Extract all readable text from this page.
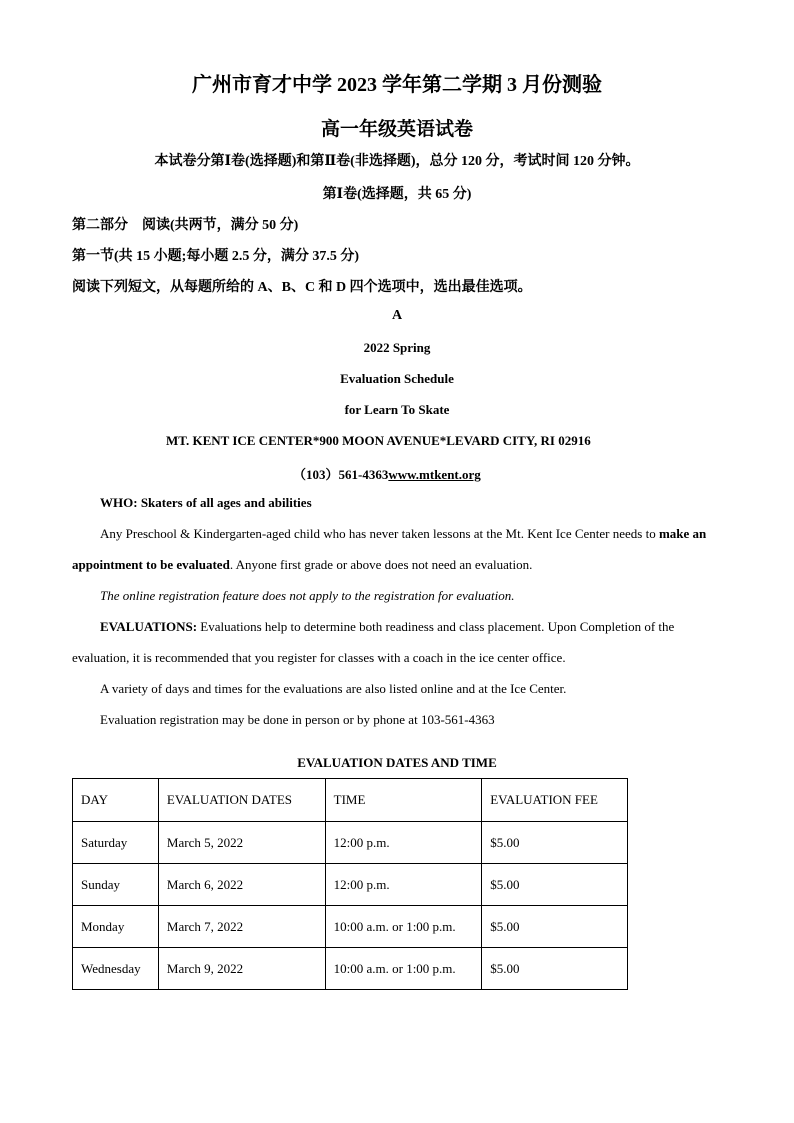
广州市育才中学 2023 学年第二学期 3 月份测验
高一年级英语试卷
本试卷分第Ⅰ卷(选择题)和第Ⅱ卷(非选择题)，总分 120 分，考试时间 120 分钟。
第Ⅰ卷(选择题，共 65 分)
第二部分　阅读(共两节，满分 50 分)
第一节(共 15 小题;每小题 2.5 分，满分 37.5 分)
阅读下列短文，从每题所给的 A、B、C 和 D 四个选项中，选出最佳选项。
A
2022 Spring
Evaluation Schedule
for Learn To Skate
MT. KENT ICE CENTER*900 MOON AVENUE*LEVARD CITY, RI 02916
（103）561-4363www.mtkent.org
WHO: Skaters of all ages and abilities
Any Preschool & Kindergarten-aged child who has never taken lessons at the Mt. Kent Ice Center needs to make an appointment to be evaluated. Anyone first grade or above does not need an evaluation.
The online registration feature does not apply to the registration for evaluation.
EVALUATIONS: Evaluations help to determine both readiness and class placement. Upon Completion of the evaluation, it is recommended that you register for classes with a coach in the ice center office.
A variety of days and times for the evaluations are also listed online and at the Ice Center.
Evaluation registration may be done in person or by phone at 103-561-4363
EVALUATION DATES AND TIME
DAY	EVALUATION DATES	TIME	EVALUATION FEE
Saturday	March 5, 2022	12:00 p.m.	$5.00
Sunday	March 6, 2022	12:00 p.m.	$5.00
Monday	March 7, 2022	10:00 a.m. or 1:00 p.m.	$5.00
Wednesday	March 9, 2022	10:00 a.m. or 1:00 p.m.	$5.00
